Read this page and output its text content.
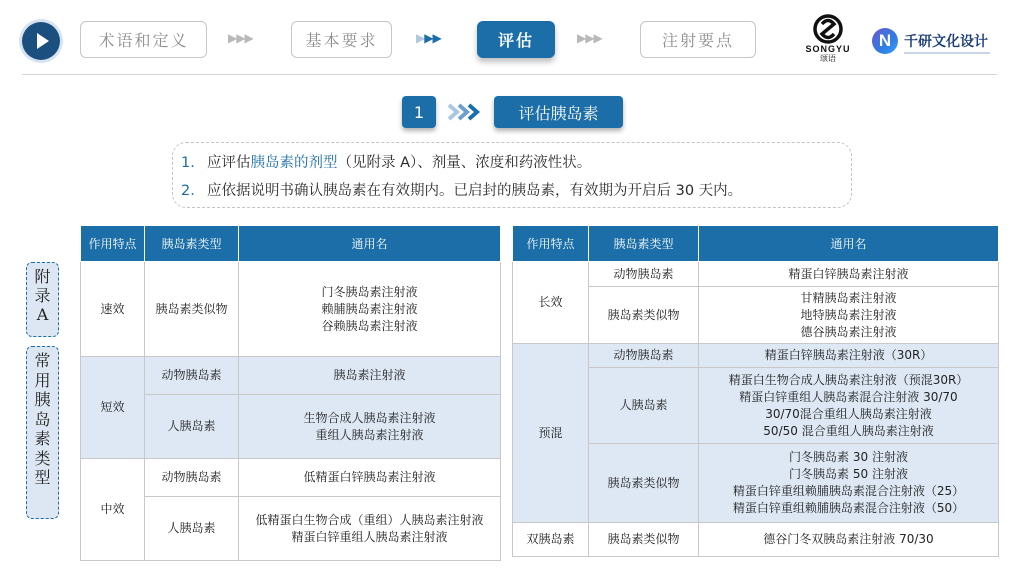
术语和定义	▶▶▶	基本要求	▶▶▶	评估	▶▶▶	注射要点	SONGYU
颂语
N 千研文化设计
1	评估胰岛素
1. 应评估胰岛素的剂型（见附录 A）、剂量、浓度和药液性状。
2. 应依据说明书确认胰岛素在有效期内。已启封的胰岛素，有效期为开启后 30 天内。
附
录
A
常
用
胰
岛
素
类
型
作用特点	胰岛素类型	通用名
速效	胰岛素类似物	门冬胰岛素注射液
赖脯胰岛素注射液
谷赖胰岛素注射液

短效	动物胰岛素	胰岛素注射液
	人胰岛素	生物合成人胰岛素注射液
重组人胰岛素注射液

中效	动物胰岛素	低精蛋白锌胰岛素注射液
	人胰岛素	低精蛋白生物合成（重组）人胰岛素注射液
精蛋白锌重组人胰岛素注射液
作用特点	胰岛素类型	通用名
长效	动物胰岛素	精蛋白锌胰岛素注射液
	胰岛素类似物	甘精胰岛素注射液
地特胰岛素注射液
德谷胰岛素注射液

预混	动物胰岛素	精蛋白锌胰岛素注射液（30R）
	人胰岛素	精蛋白生物合成人胰岛素注射液（预混30R）
精蛋白锌重组人胰岛素混合注射液 30/70
30/70混合重组人胰岛素注射液
50/50 混合重组人胰岛素注射液

	胰岛素类似物	门冬胰岛素 30 注射液
门冬胰岛素 50 注射液
精蛋白锌重组赖脯胰岛素混合注射液（25）
精蛋白锌重组赖脯胰岛素混合注射液（50）

双胰岛素	胰岛素类似物	德谷门冬双胰岛素注射液 70/30
